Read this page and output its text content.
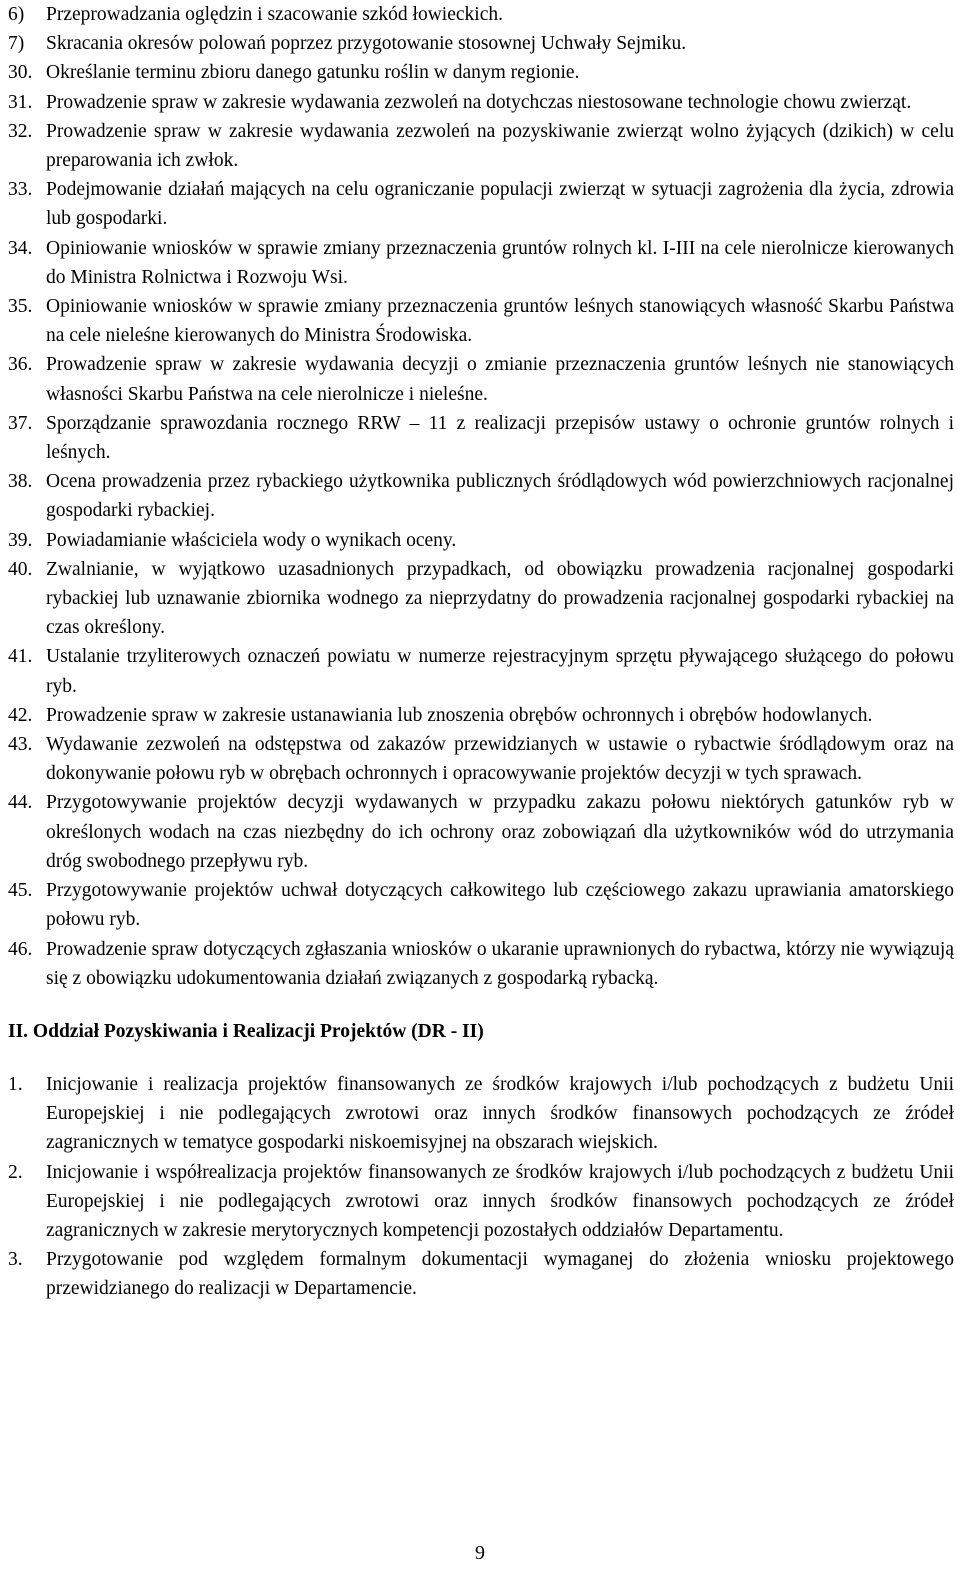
6)	Przeprowadzania oględzin i szacowanie szkód łowieckich.
7)	Skracania okresów polowań poprzez przygotowanie stosownej Uchwały Sejmiku.
30. Określanie terminu zbioru danego gatunku roślin w danym regionie.
31. Prowadzenie spraw w zakresie wydawania zezwoleń na dotychczas niestosowane technologie chowu zwierząt.
32. Prowadzenie spraw w zakresie wydawania zezwoleń na pozyskiwanie zwierząt wolno żyjących (dzikich) w celu preparowania ich zwłok.
33. Podejmowanie działań mających na celu ograniczanie populacji zwierząt w sytuacji zagrożenia dla życia, zdrowia lub gospodarki.
34. Opiniowanie wniosków w sprawie zmiany przeznaczenia gruntów rolnych kl. I-III na cele nierolnicze kierowanych do Ministra Rolnictwa i Rozwoju Wsi.
35. Opiniowanie wniosków w sprawie zmiany przeznaczenia gruntów leśnych stanowiących własność Skarbu Państwa na cele nieleśne kierowanych do Ministra Środowiska.
36. Prowadzenie spraw w zakresie wydawania decyzji o zmianie przeznaczenia gruntów leśnych nie stanowiących własności Skarbu Państwa na cele nierolnicze i nieleśne.
37. Sporządzanie sprawozdania rocznego RRW – 11 z realizacji przepisów ustawy o ochronie gruntów rolnych i leśnych.
38. Ocena prowadzenia przez rybackiego użytkownika publicznych śródlądowych wód powierzchniowych racjonalnej gospodarki rybackiej.
39. Powiadamianie właściciela wody o wynikach oceny.
40. Zwalnianie, w wyjątkowo uzasadnionych przypadkach, od obowiązku prowadzenia racjonalnej gospodarki rybackiej lub uznawanie zbiornika wodnego za nieprzydatny do prowadzenia racjonalnej gospodarki rybackiej na czas określony.
41. Ustalanie trzyliterowych oznaczeń powiatu w numerze rejestracyjnym sprzętu pływającego służącego do połowu ryb.
42. Prowadzenie spraw w zakresie ustanawiania lub znoszenia obrębów ochronnych i obrębów hodowlanych.
43. Wydawanie zezwoleń na odstępstwa od zakazów przewidzianych w ustawie o rybactwie śródlądowym oraz na dokonywanie połowu ryb w obrębach ochronnych i opracowywanie projektów decyzji w tych sprawach.
44. Przygotowywanie projektów decyzji wydawanych w przypadku zakazu połowu niektórych gatunków ryb w określonych wodach na czas niezbędny do ich ochrony oraz zobowiązań dla użytkowników wód do utrzymania dróg swobodnego przepływu ryb.
45. Przygotowywanie projektów uchwał dotyczących całkowitego lub częściowego zakazu uprawiania amatorskiego połowu ryb.
46. Prowadzenie spraw dotyczących zgłaszania wniosków o ukaranie uprawnionych do rybactwa, którzy nie wywiązują się z obowiązku udokumentowania działań związanych z gospodarką rybacką.
II. Oddział Pozyskiwania i Realizacji Projektów (DR - II)
1.	Inicjowanie i realizacja projektów finansowanych ze środków krajowych i/lub pochodzących z budżetu Unii Europejskiej i nie podlegających zwrotowi oraz innych środków finansowych pochodzących ze źródeł zagranicznych w tematyce gospodarki niskoemisyjnej na obszarach wiejskich.
2.	Inicjowanie i współrealizacja projektów finansowanych ze środków krajowych i/lub pochodzących z budżetu Unii Europejskiej i nie podlegających zwrotowi oraz innych środków finansowych pochodzących ze źródeł zagranicznych w zakresie merytorycznych kompetencji pozostałych oddziałów Departamentu.
3.	Przygotowanie pod względem formalnym dokumentacji wymaganej do złożenia wniosku projektowego przewidzianego do realizacji w Departamencie.
9
